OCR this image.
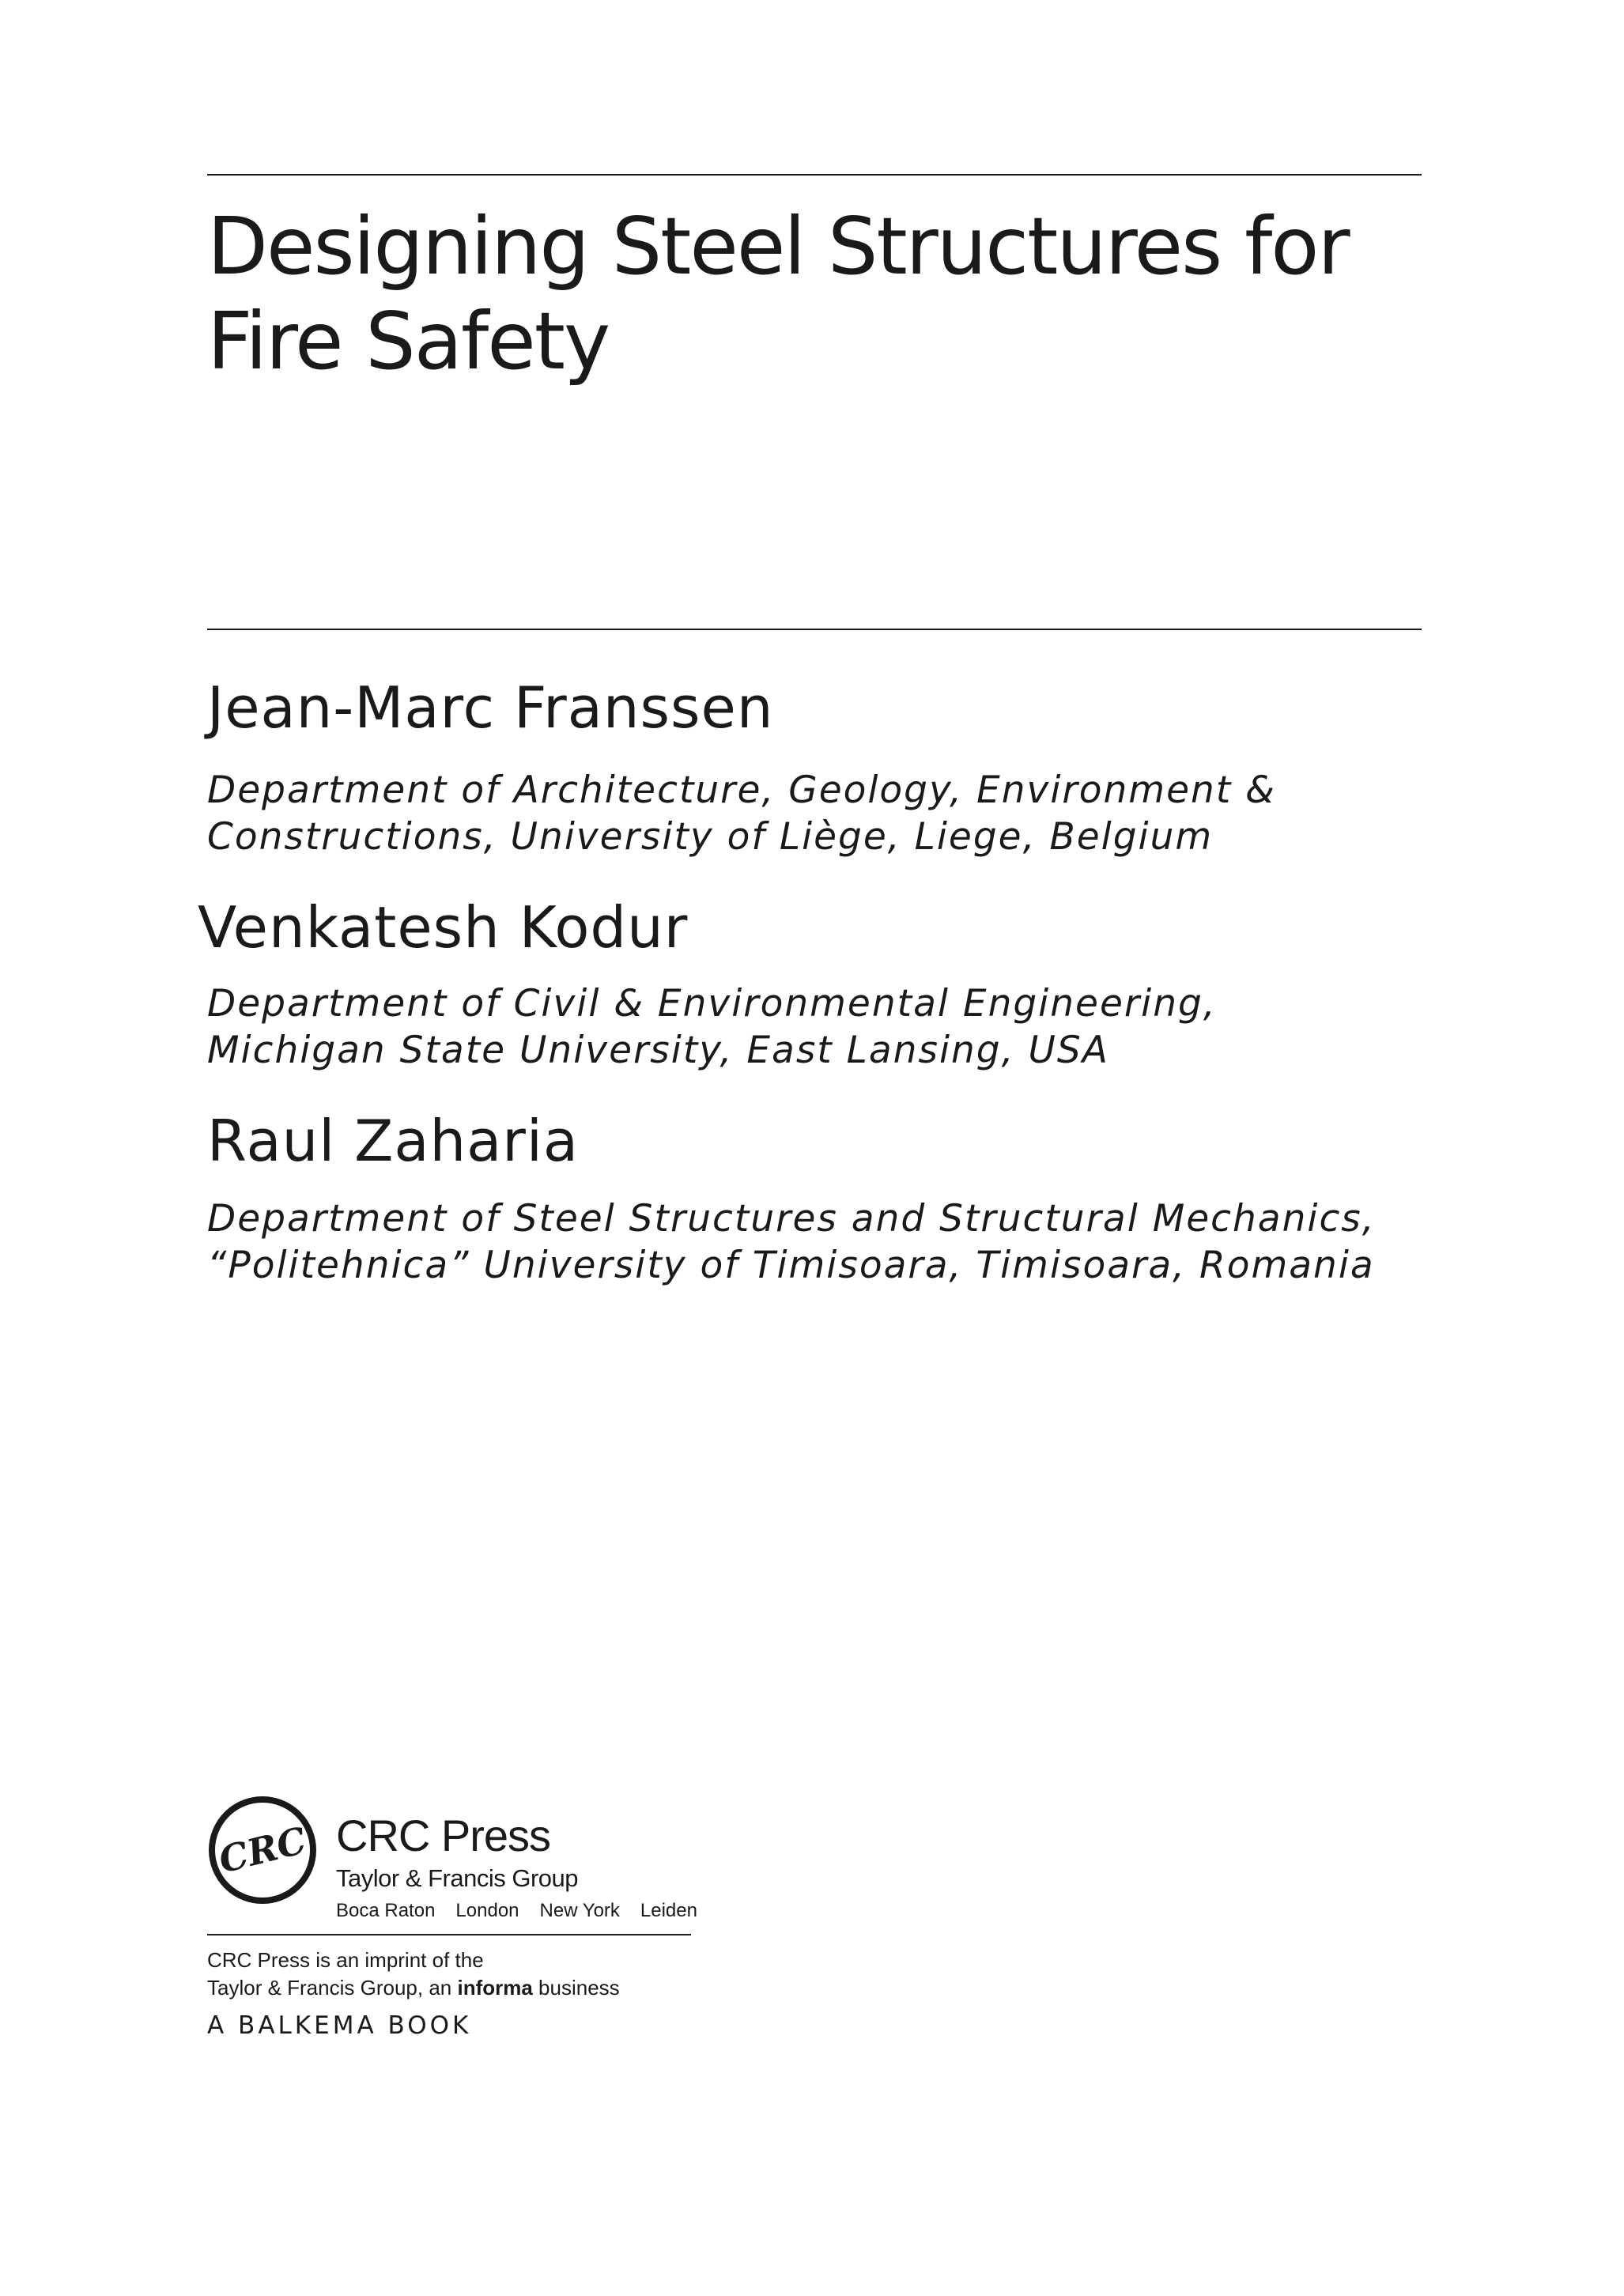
Designing Steel Structures for
Fire Safety
Jean-Marc Franssen
Department of Architecture, Geology, Environment &
Constructions, University of Liège, Liege, Belgium
Venkatesh Kodur
Department of Civil & Environmental Engineering,
Michigan State University, East Lansing, USA
Raul Zaharia
Department of Steel Structures and Structural Mechanics,
“Politehnica” University of Timisoara, Timisoara, Romania
CRC CRC Press
Taylor & Francis Group
Boca Raton London New York Leiden
CRC Press is an imprint of the
Taylor & Francis Group, an informa business
A BALKEMA BOOK
